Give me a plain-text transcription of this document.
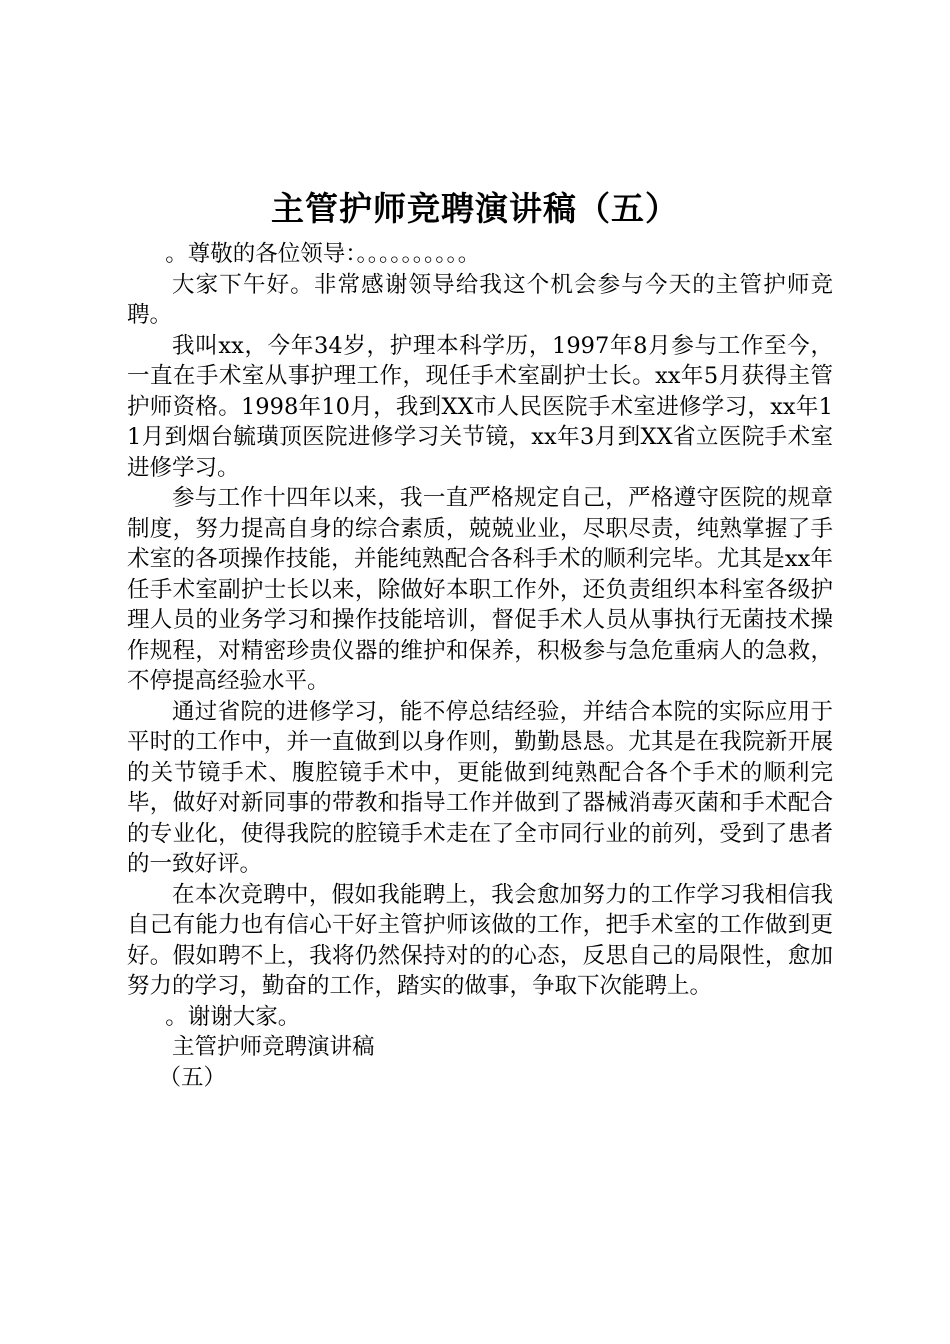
主管护师竞聘演讲稿（五）

。尊敬的各位领导：。。。。。。。。。。

大家下午好。非常感谢领导给我这个机会参与今天的主管护师竞聘。

我叫xx，今年34岁，护理本科学历，1997年8月参与工作至今，一直在手术室从事护理工作，现任手术室副护士长。xx年5月获得主管护师资格。1998年10月，我到XX市人民医院手术室进修学习，xx年11月到烟台毓璜顶医院进修学习关节镜，xx年3月到XX省立医院手术室进修学习。

参与工作十四年以来，我一直严格规定自己，严格遵守医院的规章制度，努力提高自身的综合素质，兢兢业业，尽职尽责，纯熟掌握了手术室的各项操作技能，并能纯熟配合各科手术的顺利完毕。尤其是xx年任手术室副护士长以来，除做好本职工作外，还负责组织本科室各级护理人员的业务学习和操作技能培训，督促手术人员从事执行无菌技术操作规程，对精密珍贵仪器的维护和保养，积极参与急危重病人的急救，不停提高经验水平。

通过省院的进修学习，能不停总结经验，并结合本院的实际应用于平时的工作中，并一直做到以身作则，勤勤恳恳。尤其是在我院新开展的关节镜手术、腹腔镜手术中，更能做到纯熟配合各个手术的顺利完毕，做好对新同事的带教和指导工作并做到了器械消毒灭菌和手术配合的专业化，使得我院的腔镜手术走在了全市同行业的前列，受到了患者的一致好评。

在本次竞聘中，假如我能聘上，我会愈加努力的工作学习我相信我自己有能力也有信心干好主管护师该做的工作，把手术室的工作做到更好。假如聘不上，我将仍然保持对的的心态，反思自己的局限性，愈加努力的学习，勤奋的工作，踏实的做事，争取下次能聘上。

。谢谢大家。

主管护师竞聘演讲稿

（五）
